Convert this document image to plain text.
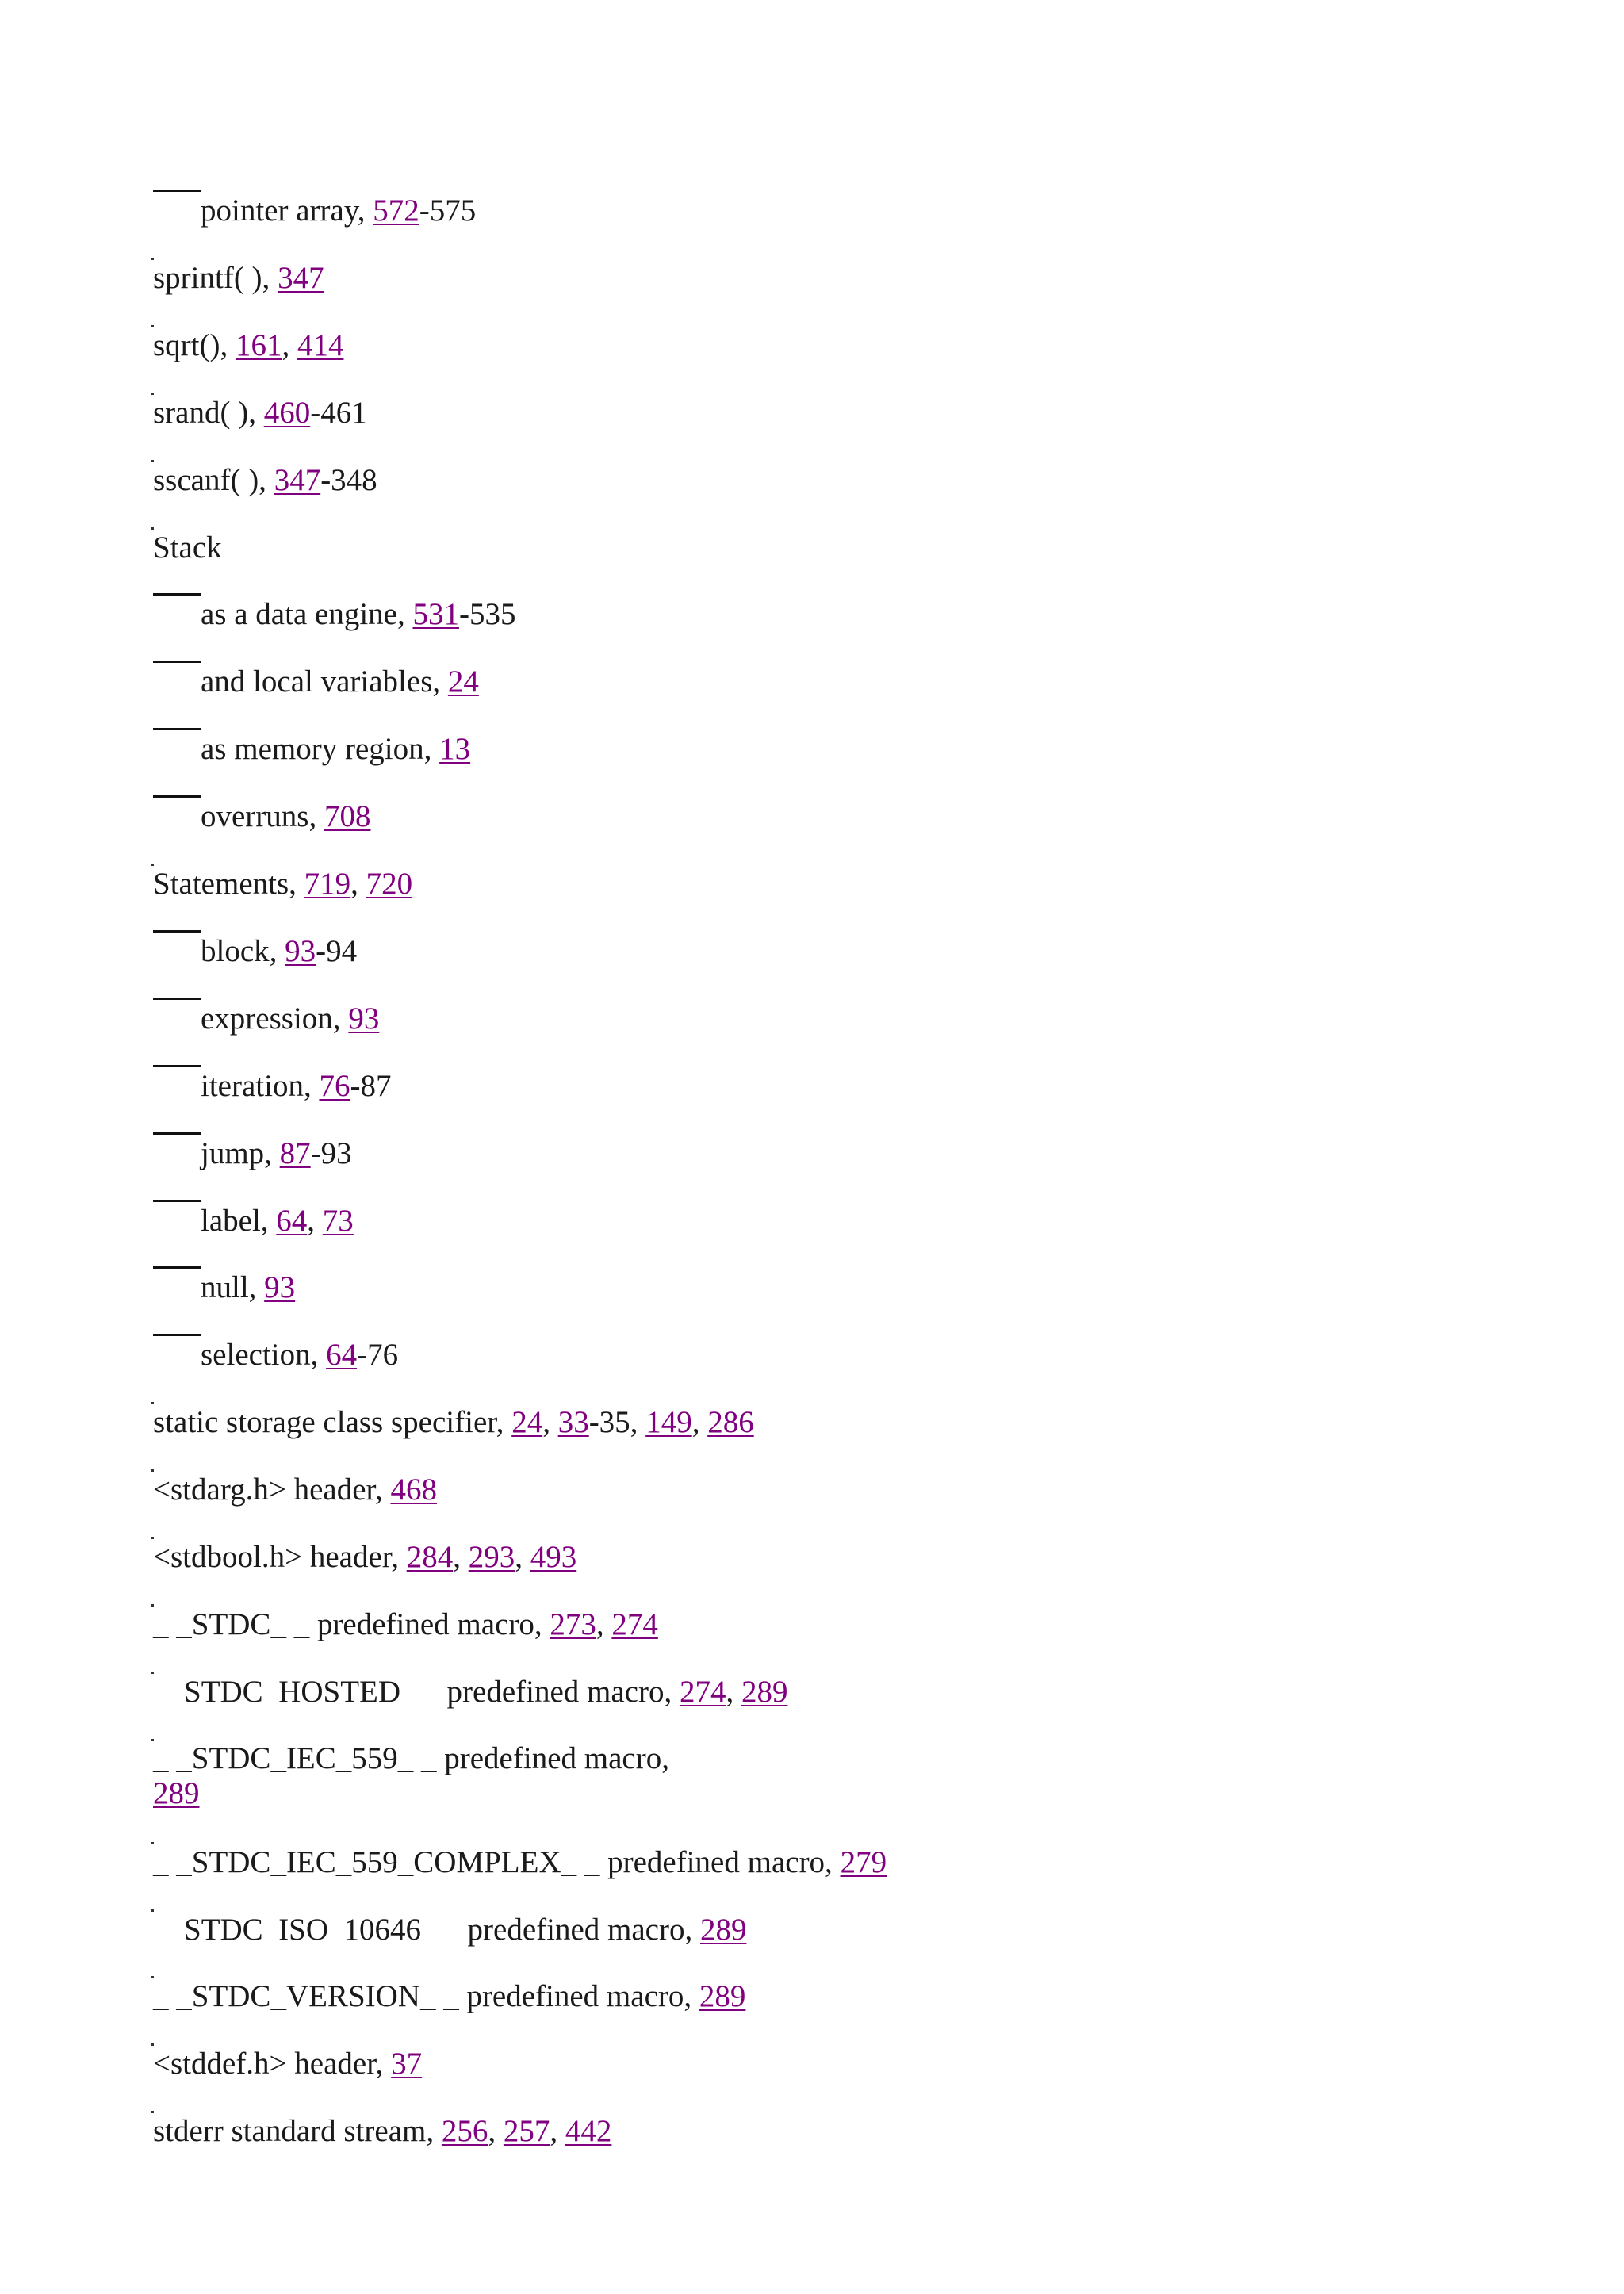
pointer array, 572-575
sprintf( ), 347
sqrt(), 161, 414
srand( ), 460-461
sscanf( ), 347-348
Stack
as a data engine, 531-535
and local variables, 24
as memory region, 13
overruns, 708
Statements, 719, 720
block, 93-94
expression, 93
iteration, 76-87
jump, 87-93
label, 64, 73
null, 93
selection, 64-76
static storage class specifier, 24, 33-35, 149, 286
<stdarg.h> header, 468
<stdbool.h> header, 284, 293, 493
_ _STDC_ _ predefined macro, 273, 274
STDC  HOSTED      predefined macro, 274, 289
_ _STDC_IEC_559_ _ predefined macro,
289
_ _STDC_IEC_559_COMPLEX_ _ predefined macro, 279
STDC  ISO  10646      predefined macro, 289
_ _STDC_VERSION_ _ predefined macro, 289
<stddef.h> header, 37
stderr standard stream, 256, 257, 442
